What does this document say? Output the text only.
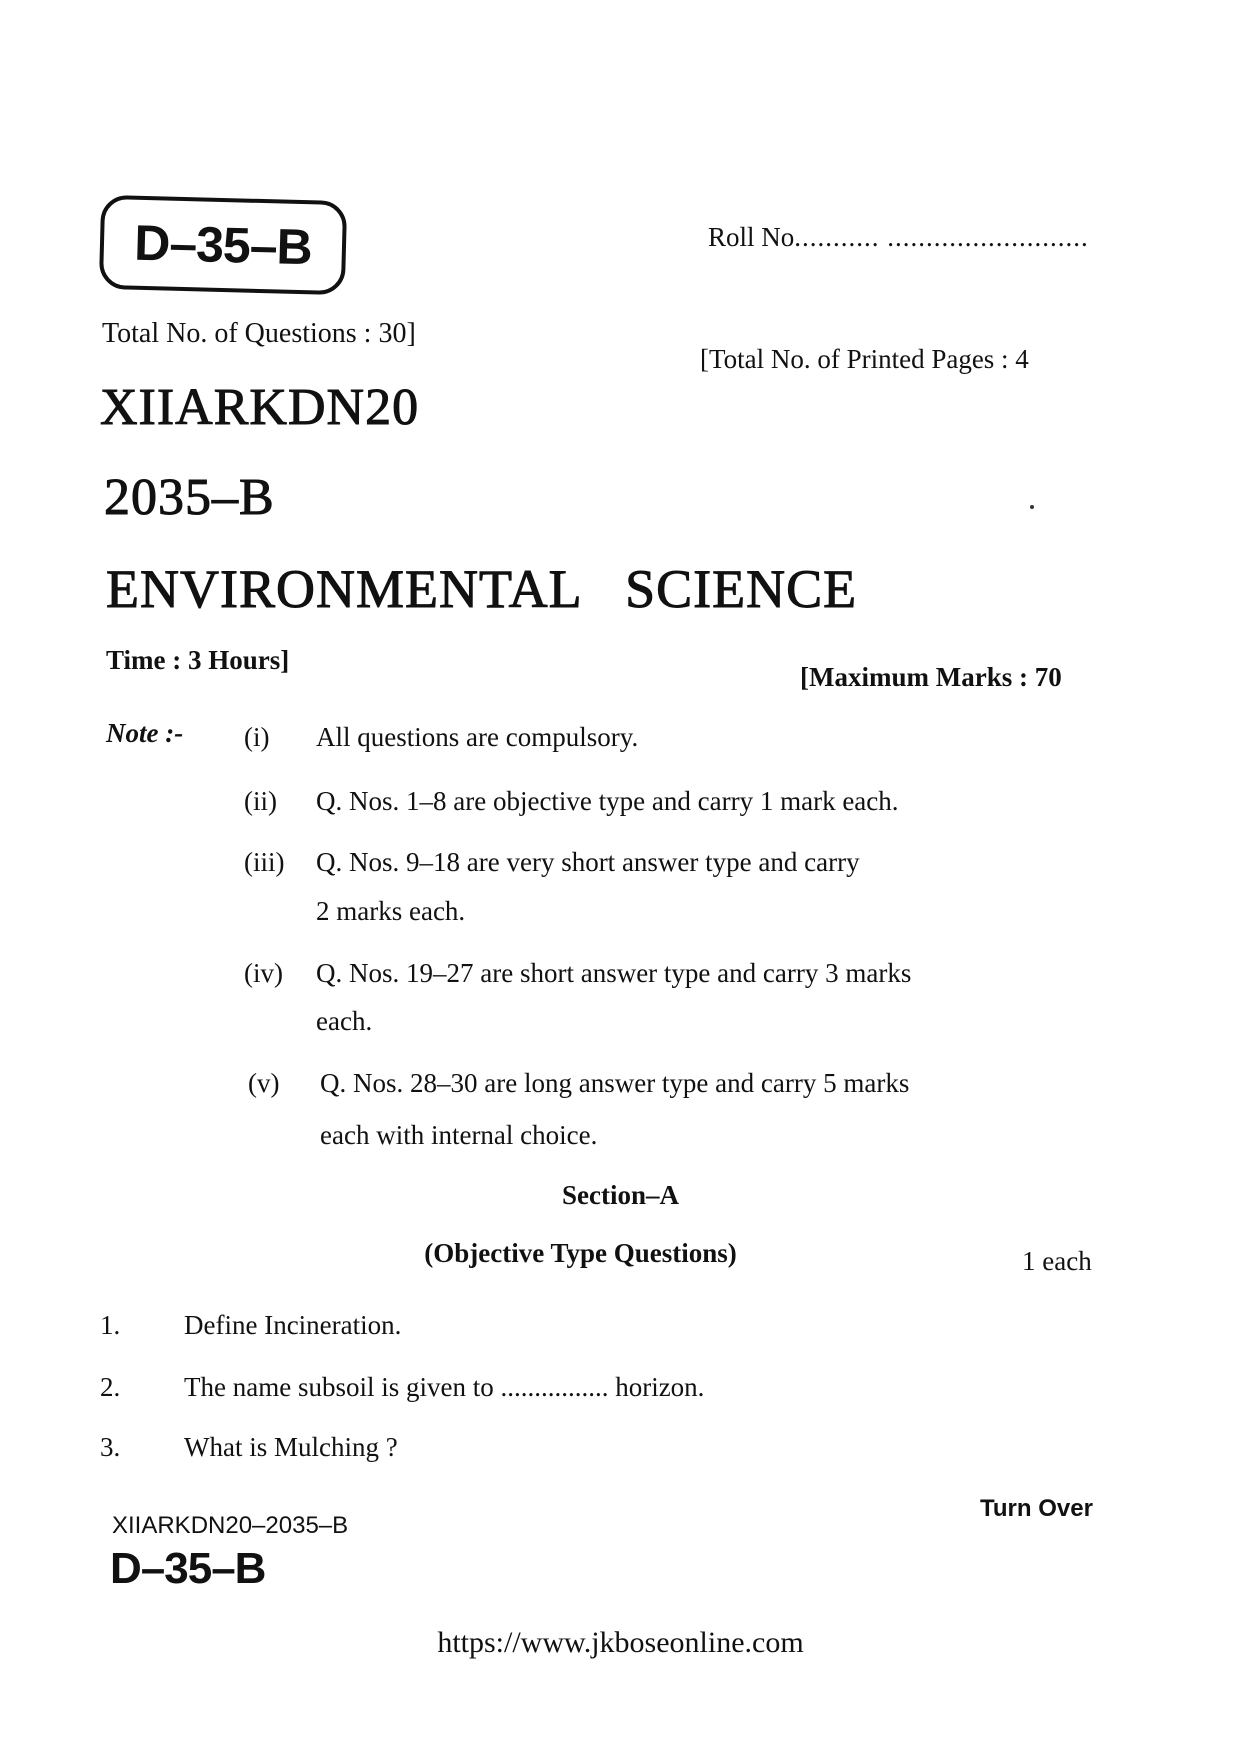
D–35–B	Roll No........... ..........................
Total No. of Questions : 30]
[Total No. of Printed Pages : 4
XIIARKDN20
2035–B
ENVIRONMENTAL SCIENCE
Time : 3 Hours]
[Maximum Marks : 70
Note :- (i) All questions are compulsory.
(ii) Q. Nos. 1–8 are objective type and carry 1 mark each.
(iii) Q. Nos. 9–18 are very short answer type and carry
2 marks each.
(iv) Q. Nos. 19–27 are short answer type and carry 3 marks
each.
(v) Q. Nos. 28–30 are long answer type and carry 5 marks
each with internal choice.
Section–A
(Objective Type Questions)	1 each
1. Define Incineration.
2. The name subsoil is given to ................ horizon.
3. What is Mulching ?
Turn Over
XIIARKDN20–2035–B
D–35–B
https://www.jkboseonline.com
